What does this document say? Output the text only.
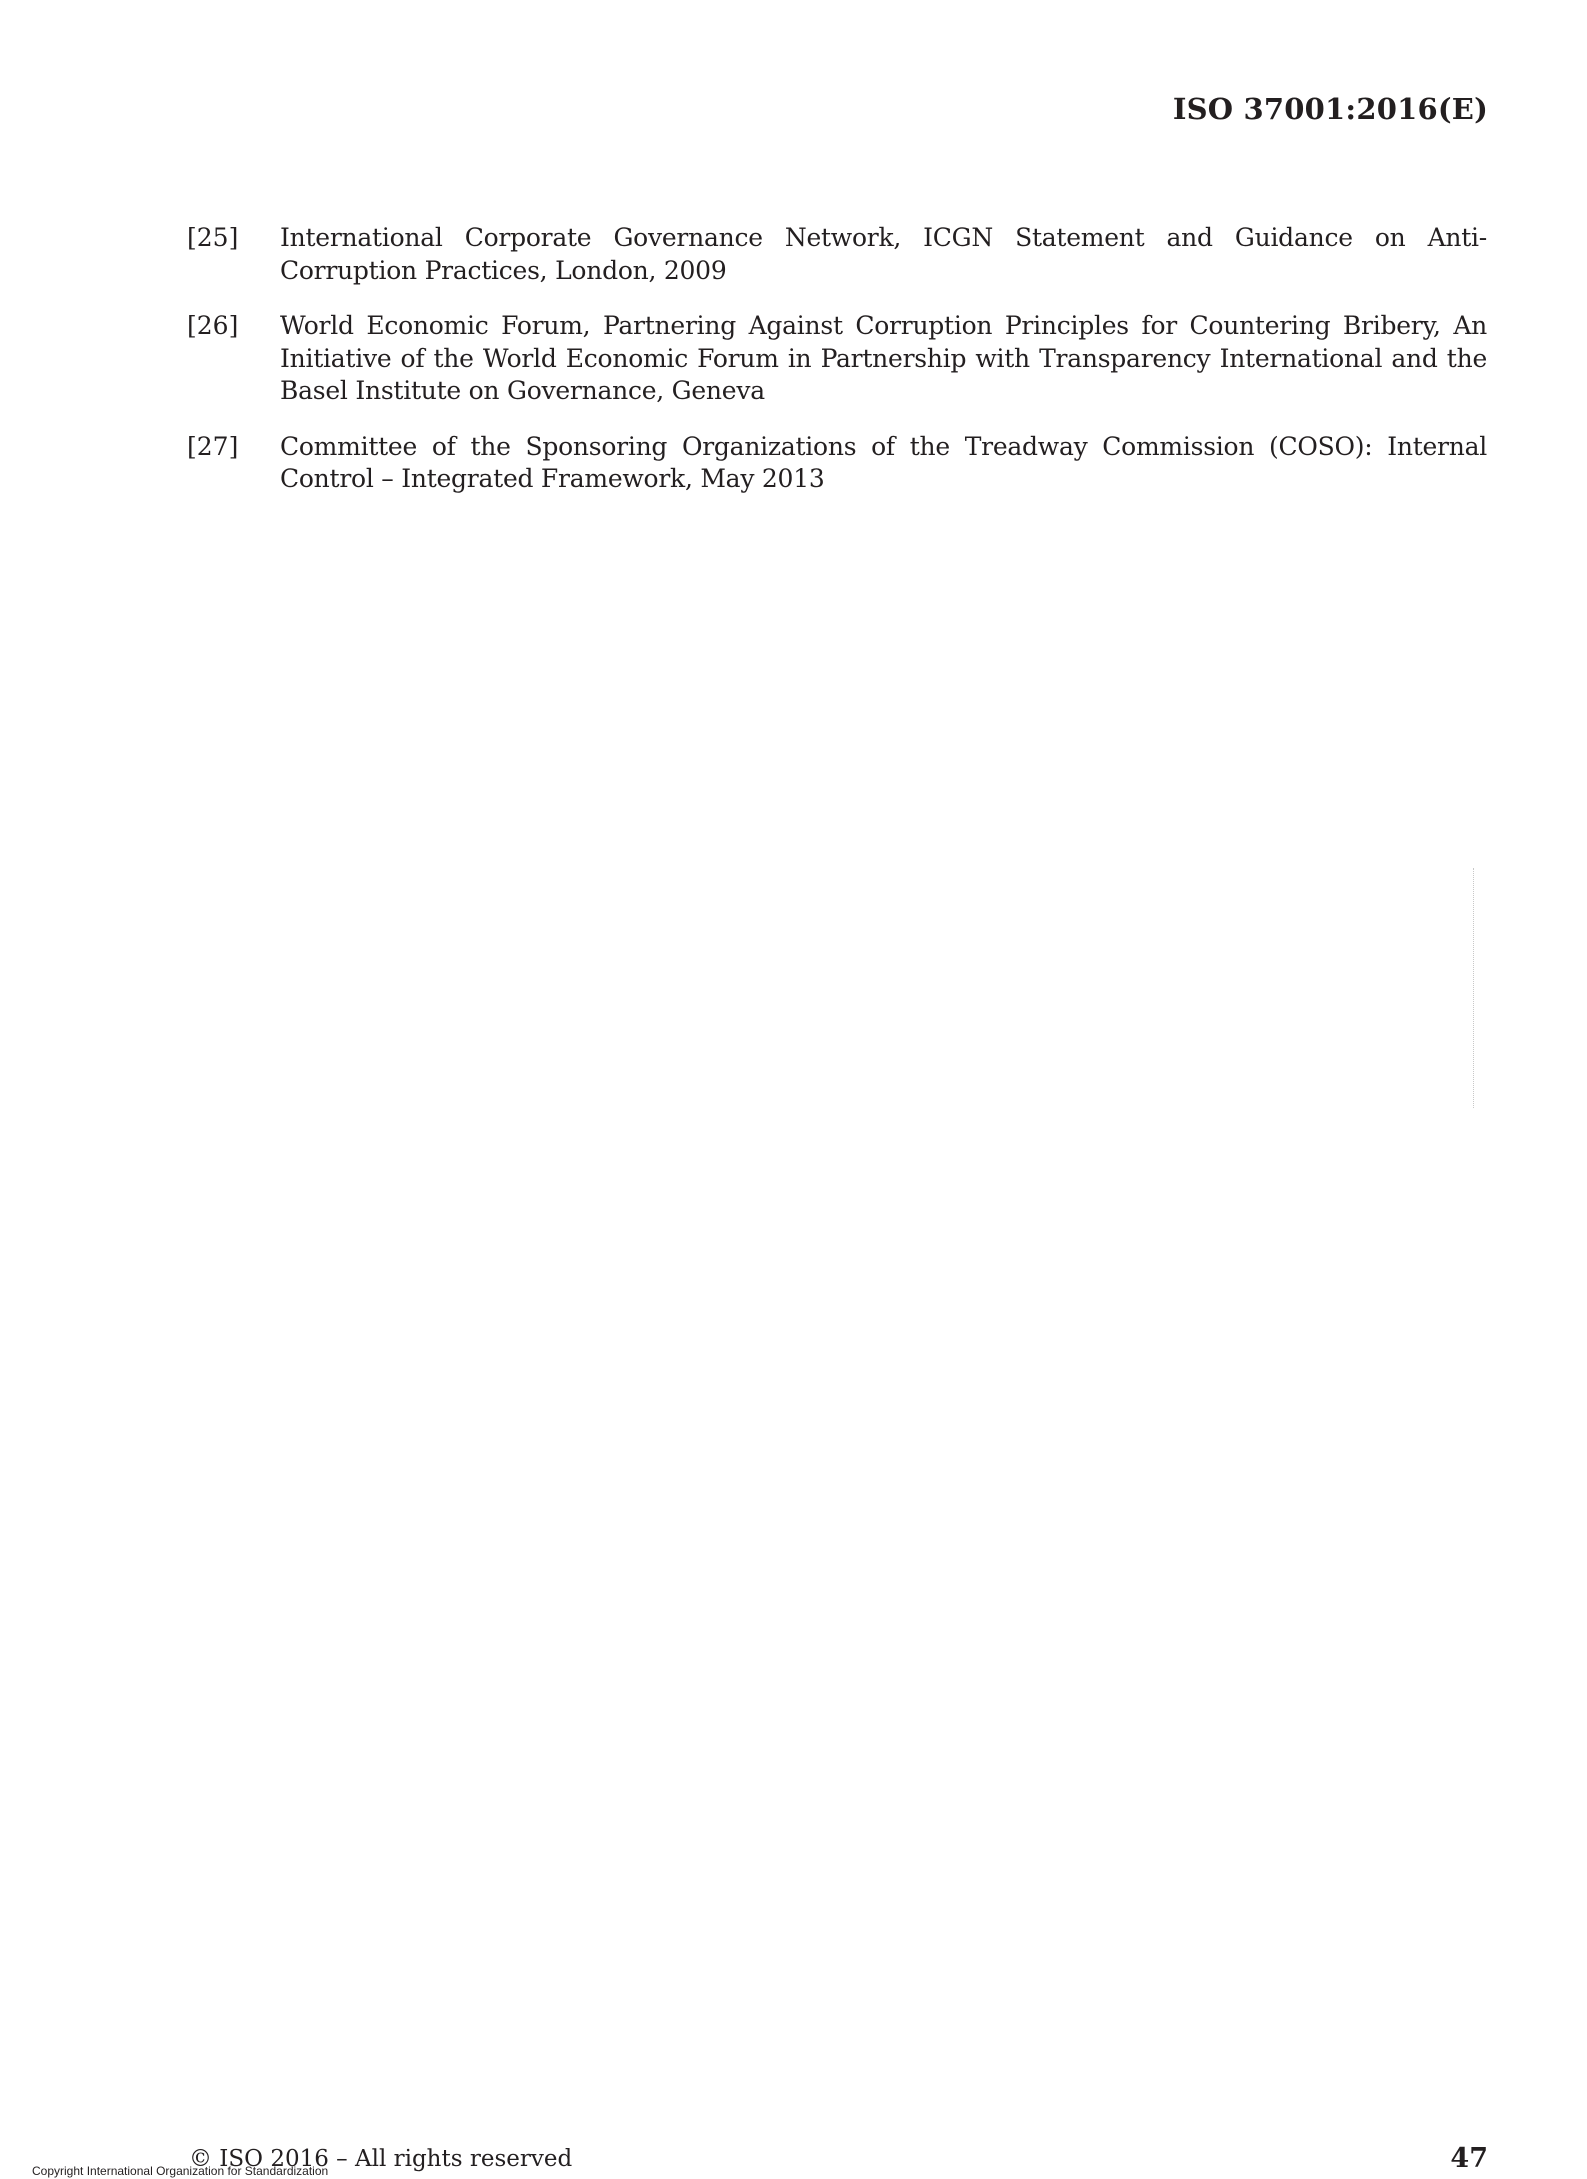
ISO 37001:2016(E)
[25]	International Corporate Governance Network, ICGN Statement and Guidance on Anti-Corruption Practices, London, 2009
[26]	World Economic Forum, Partnering Against Corruption Principles for Countering Bribery, An Initiative of the World Economic Forum in Partnership with Transparency International and the Basel Institute on Governance, Geneva
[27]	Committee of the Sponsoring Organizations of the Treadway Commission (COSO): Internal Control – Integrated Framework, May 2013
© ISO 2016 – All rights reserved
Copyright International Organization for Standardization	47
